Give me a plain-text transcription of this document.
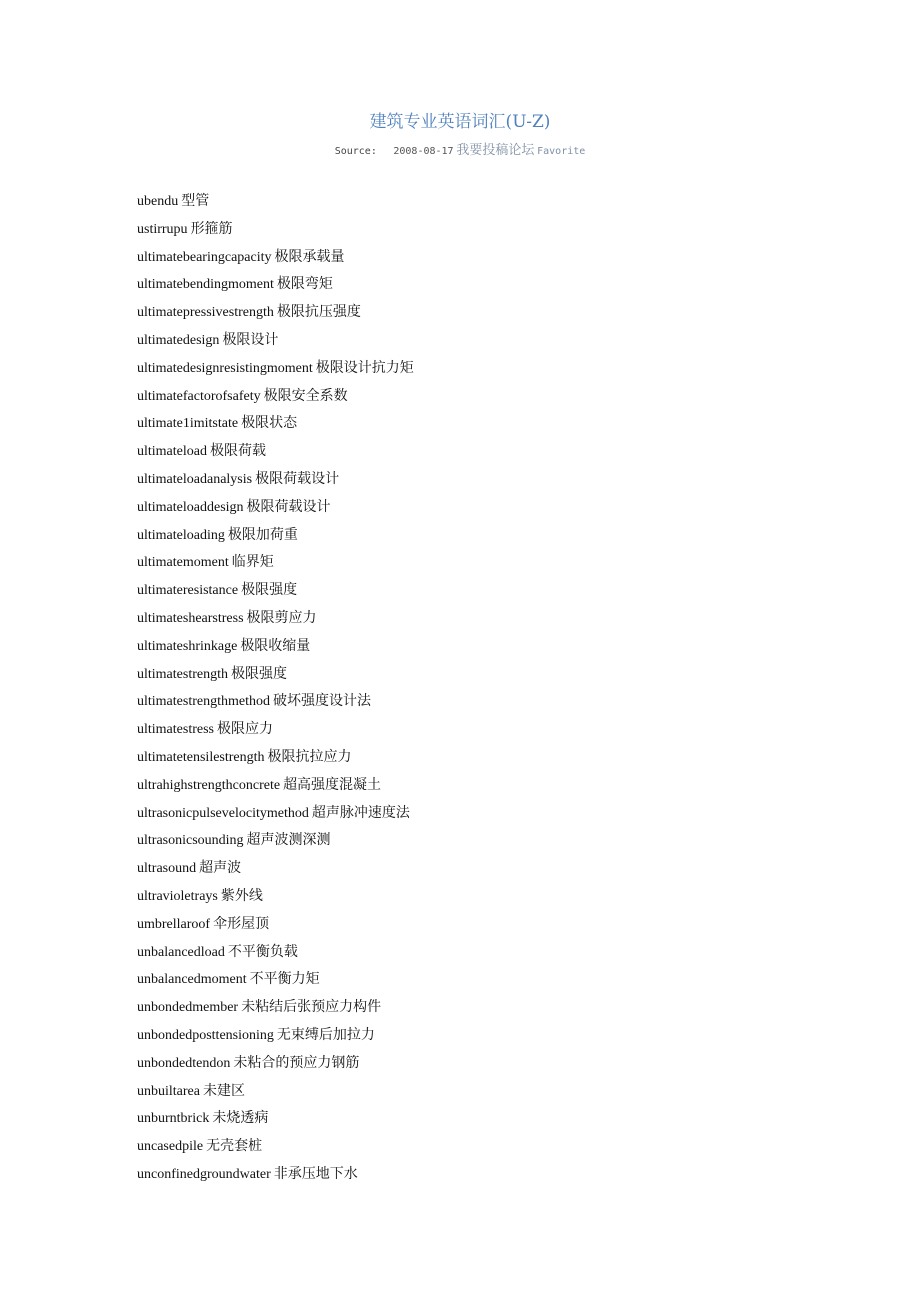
建筑专业英语词汇(U-Z)
Source: 2008-08-17 我要投稿论坛 Favorite
ubendu 型管
ustirrupu 形箍筋
ultimatebearingcapacity 极限承载量
ultimatebendingmoment 极限弯矩
ultimatepressivestrength 极限抗压强度
ultimatedesign 极限设计
ultimatedesignresistingmoment 极限设计抗力矩
ultimatefactorofsafety 极限安全系数
ultimate1imitstate 极限状态
ultimateload 极限荷载
ultimateloadanalysis 极限荷载设计
ultimateloaddesign 极限荷载设计
ultimateloading 极限加荷重
ultimatemoment 临界矩
ultimateresistance 极限强度
ultimateshearstress 极限剪应力
ultimateshrinkage 极限收缩量
ultimatestrength 极限强度
ultimatestrengthmethod 破坏强度设计法
ultimatestress 极限应力
ultimatetensilestrength 极限抗拉应力
ultrahighstrengthconcrete 超高强度混凝土
ultrasonicpulsevelocitymethod 超声脉冲速度法
ultrasonicsounding 超声波测深测
ultrasound 超声波
ultravioletrays 紫外线
umbrellaroof 伞形屋顶
unbalancedload 不平衡负载
unbalancedmoment 不平衡力矩
unbondedmember 未粘结后张预应力构件
unbondedposttensioning 无束缚后加拉力
unbondedtendon 未粘合的预应力钢筋
unbuiltarea 未建区
unburntbrick 未烧透病
uncasedpile 无壳套桩
unconfinedgroundwater 非承压地下水
